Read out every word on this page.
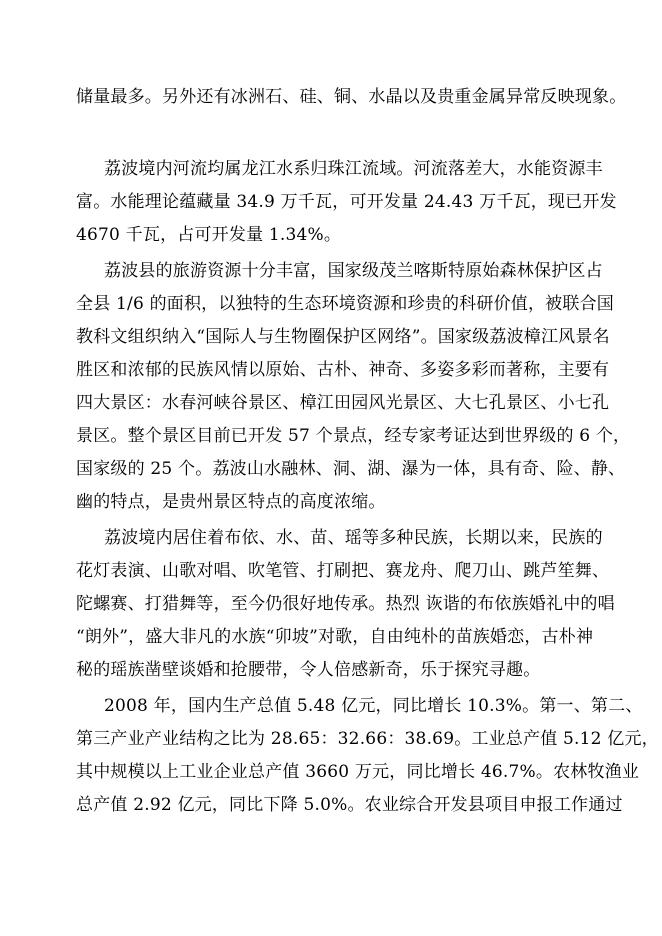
储量最多。另外还有冰洲石、硅、铜、水晶以及贵重金属异常反映现象。
荔波境内河流均属龙江水系归珠江流域。河流落差大，水能资源丰
富。水能理论蕴藏量 34.9 万千瓦，可开发量 24.43 万千瓦，现已开发
4670 千瓦，占可开发量 1.34%。
荔波县的旅游资源十分丰富，国家级茂兰喀斯特原始森林保护区占
全县 1/6 的面积，以独特的生态环境资源和珍贵的科研价值，被联合国
教科文组织纳入“国际人与生物圈保护区网络”。国家级荔波樟江风景名
胜区和浓郁的民族风情以原始、古朴、神奇、多姿多彩而著称，主要有
四大景区：水春河峡谷景区、樟江田园风光景区、大七孔景区、小七孔
景区。整个景区目前已开发 57 个景点，经专家考证达到世界级的 6 个，
国家级的 25 个。荔波山水融林、洞、湖、瀑为一体，具有奇、险、静、
幽的特点，是贵州景区特点的高度浓缩。
荔波境内居住着布依、水、苗、瑶等多种民族，长期以来，民族的
花灯表演、山歌对唱、吹笔管、打刷把、赛龙舟、爬刀山、跳芦笙舞、
陀螺赛、打猎舞等，至今仍很好地传承。热烈 诙谐的布依族婚礼中的唱
“朗外”，盛大非凡的水族“卯坡”对歌，自由纯朴的苗族婚恋，古朴神
秘的瑶族凿壁谈婚和抢腰带，令人倍感新奇，乐于探究寻趣。
2008 年，国内生产总值 5.48 亿元，同比增长 10.3%。第一、第二、
第三产业产业结构之比为 28.65：32.66：38.69。工业总产值 5.12 亿元，
其中规模以上工业企业总产值 3660 万元，同比增长 46.7%。农林牧渔业
总产值 2.92 亿元，同比下降 5.0%。农业综合开发县项目申报工作通过
